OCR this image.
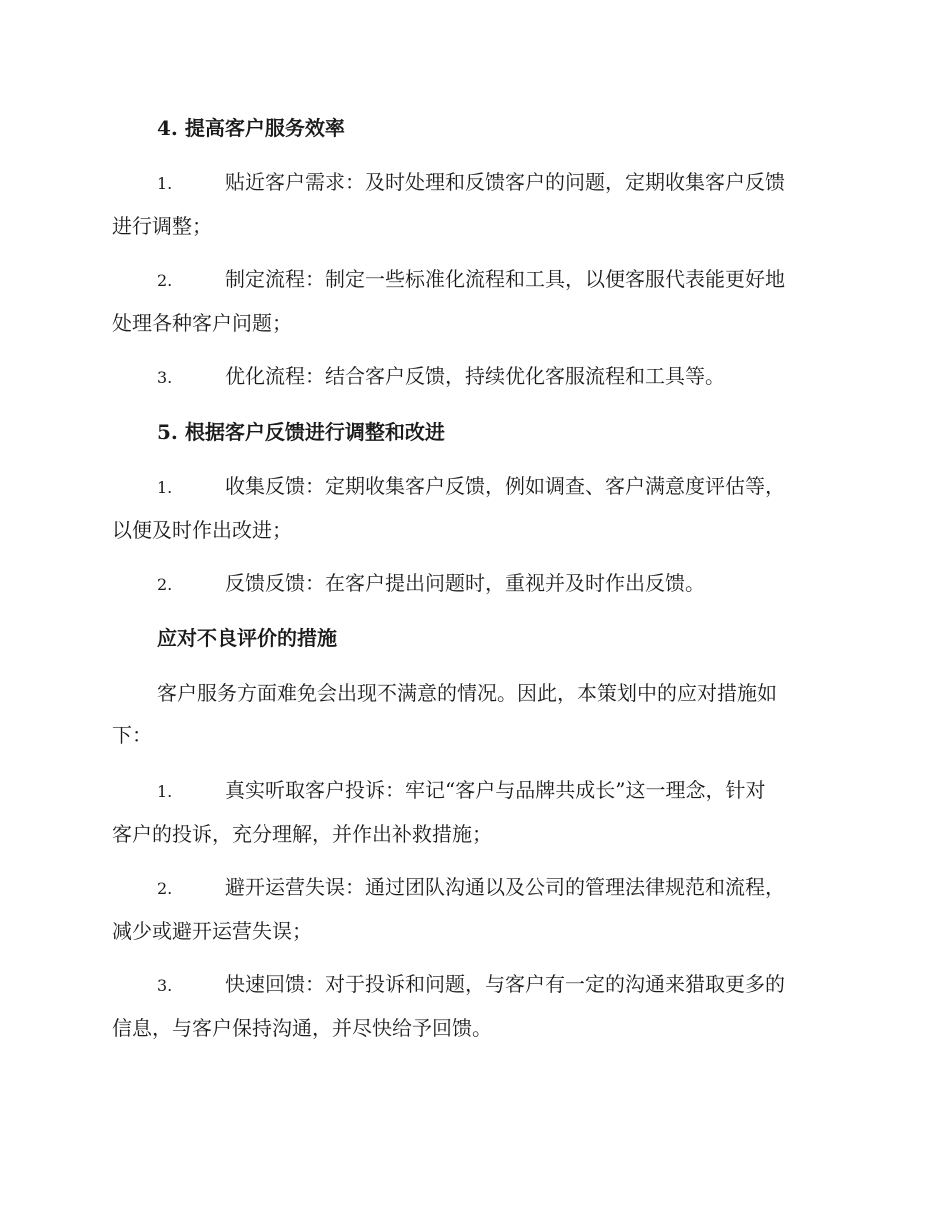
4. 提高客户服务效率
1.	贴近客户需求：及时处理和反馈客户的问题，定期收集客户反馈
进行调整；
2.	制定流程：制定一些标准化流程和工具，以便客服代表能更好地
处理各种客户问题；
3.	优化流程：结合客户反馈，持续优化客服流程和工具等。
5. 根据客户反馈进行调整和改进
1.	收集反馈：定期收集客户反馈，例如调查、客户满意度评估等，
以便及时作出改进；
2.	反馈反馈：在客户提出问题时，重视并及时作出反馈。
应对不良评价的措施
客户服务方面难免会出现不满意的情况。因此，本策划中的应对措施如
下：
1.	真实听取客户投诉：牢记“客户与品牌共成长”这一理念，针对
客户的投诉，充分理解，并作出补救措施；
2.	避开运营失误：通过团队沟通以及公司的管理法律规范和流程，
减少或避开运营失误；
3.	快速回馈：对于投诉和问题，与客户有一定的沟通来猎取更多的
信息，与客户保持沟通，并尽快给予回馈。
